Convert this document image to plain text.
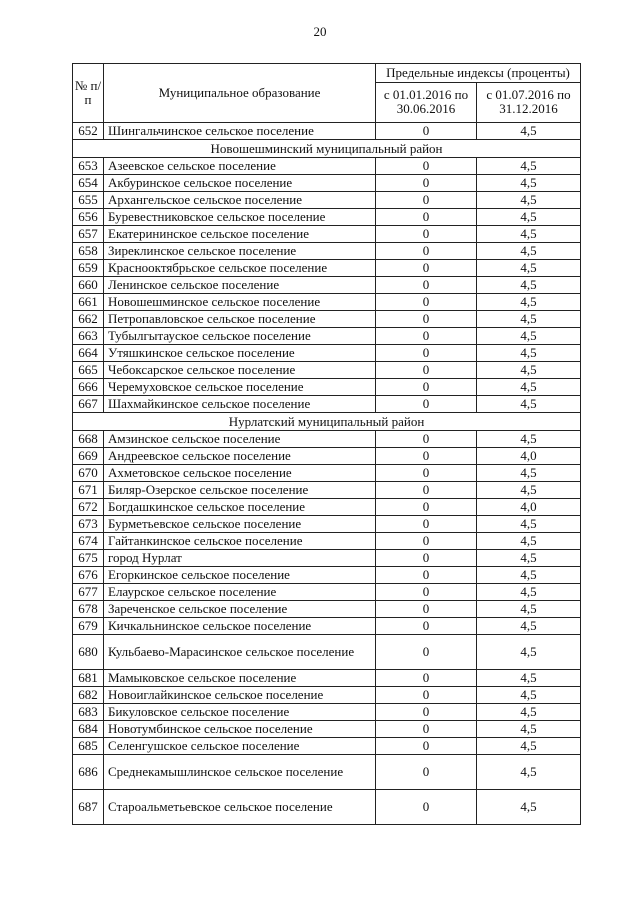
20
№ п/п	Муниципальное образование	Предельные индексы (проценты)	
		с 01.01.2016 по 30.06.2016	с 01.07.2016 по 31.12.2016
652	Шингальчинское сельское поселение	0	4,5
Новошешминский муниципальный район			
653	Азеевское сельское поселение	0	4,5
654	Акбуринское сельское поселение	0	4,5
655	Архангельское сельское поселение	0	4,5
656	Буревестниковское сельское поселение	0	4,5
657	Екатерининское сельское поселение	0	4,5
658	Зиреклинское сельское поселение	0	4,5
659	Краснооктябрьское сельское поселение	0	4,5
660	Ленинское сельское поселение	0	4,5
661	Новошешминское сельское поселение	0	4,5
662	Петропавловское сельское поселение	0	4,5
663	Тубылгытауское сельское поселение	0	4,5
664	Утяшкинское сельское поселение	0	4,5
665	Чебоксарское сельское поселение	0	4,5
666	Черемуховское сельское поселение	0	4,5
667	Шахмайкинское сельское поселение	0	4,5
Нурлатский муниципальный район			
668	Амзинское сельское поселение	0	4,5
669	Андреевское сельское поселение	0	4,0
670	Ахметовское сельское поселение	0	4,5
671	Биляр-Озерское сельское поселение	0	4,5
672	Богдашкинское сельское поселение	0	4,0
673	Бурметьевское сельское поселение	0	4,5
674	Гайтанкинское сельское поселение	0	4,5
675	город Нурлат	0	4,5
676	Егоркинское сельское поселение	0	4,5
677	Елаурское сельское поселение	0	4,5
678	Зареченское сельское поселение	0	4,5
679	Кичкальнинское сельское поселение	0	4,5
680	Кульбаево-Марасинское сельское поселение	0	4,5
681	Мамыковское сельское поселение	0	4,5
682	Новоиглайкинское сельское поселение	0	4,5
683	Бикуловское сельское поселение	0	4,5
684	Новотумбинское сельское поселение	0	4,5
685	Селенгушское сельское поселение	0	4,5
686	Среднекамышлинское сельское поселение	0	4,5
687	Староальметьевское сельское поселение	0	4,5
